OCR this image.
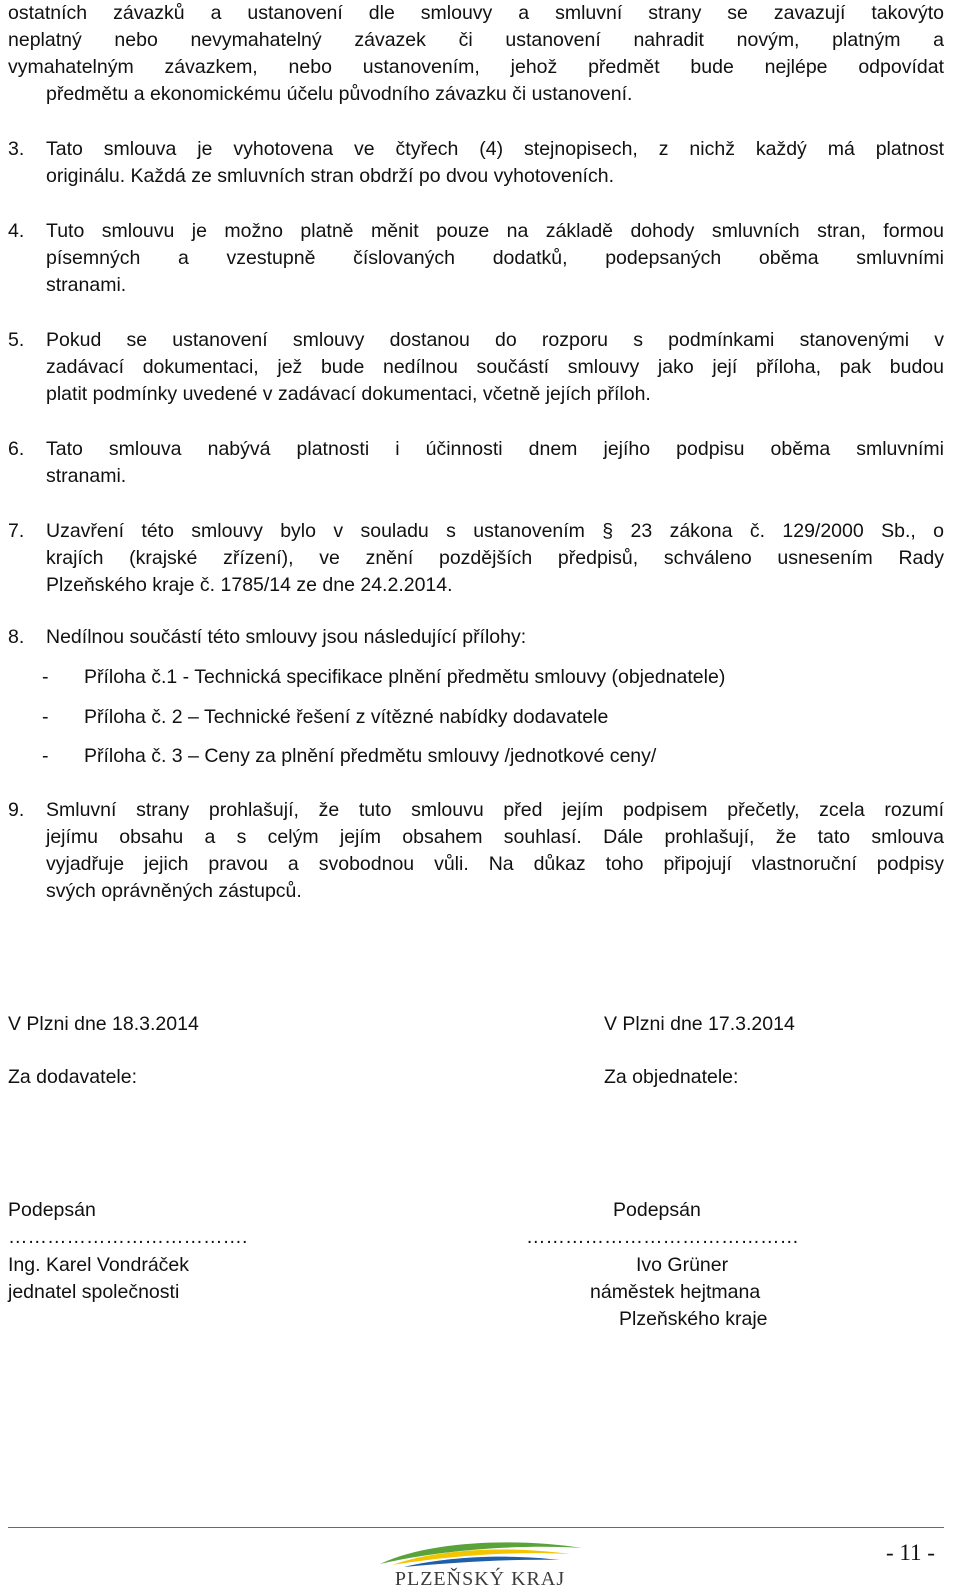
ostatních závazků a ustanovení dle smlouvy a smluvní strany se zavazují takovýto
neplatný nebo nevymahatelný závazek či ustanovení nahradit novým, platným a
vymahatelným závazkem, nebo ustanovením, jehož předmět bude nejlépe odpovídat
předmětu a ekonomickému účelu původního závazku či ustanovení.
3. Tato smlouva je vyhotovena ve čtyřech (4) stejnopisech, z nichž každý má platnost
originálu. Každá ze smluvních stran obdrží po dvou vyhotoveních.
4. Tuto smlouvu je možno platně měnit pouze na základě dohody smluvních stran, formou
písemných a vzestupně číslovaných dodatků, podepsaných oběma smluvními
stranami.
5. Pokud se ustanovení smlouvy dostanou do rozporu s podmínkami stanovenými v
zadávací dokumentaci, jež bude nedílnou součástí smlouvy jako její příloha, pak budou
platit podmínky uvedené v zadávací dokumentaci, včetně jejích příloh.
6. Tato smlouva nabývá platnosti i účinnosti dnem jejího podpisu oběma smluvními
stranami.
7. Uzavření této smlouvy bylo v souladu s ustanovením § 23 zákona č. 129/2000 Sb., o
krajích (krajské zřízení), ve znění pozdějších předpisů, schváleno usnesením Rady
Plzeňského kraje č. 1785/14 ze dne 24.2.2014.
8. Nedílnou součástí této smlouvy jsou následující přílohy:
- Příloha č.1 - Technická specifikace plnění předmětu smlouvy (objednatele)
- Příloha č. 2 – Technické řešení z vítězné nabídky dodavatele
- Příloha č. 3 – Ceny za plnění předmětu smlouvy /jednotkové ceny/
9. Smluvní strany prohlašují, že tuto smlouvu před jejím podpisem přečetly, zcela rozumí
jejímu obsahu a s celým jejím obsahem souhlasí. Dále prohlašují, že tato smlouva
vyjadřuje jejich pravou a svobodnou vůli. Na důkaz toho připojují vlastnoruční podpisy
svých oprávněných zástupců.
V Plzni dne 18.3.2014
Za dodavatele:
Podepsán
……………………………….
Ing. Karel Vondráček
jednatel společnosti
V Plzni dne 17.3.2014
Za objednatele:
Podepsán
……………………………………
Ivo Grüner
náměstek hejtmana
Plzeňského kraje
- 11 -
PLZEŇSKÝ KRAJ
